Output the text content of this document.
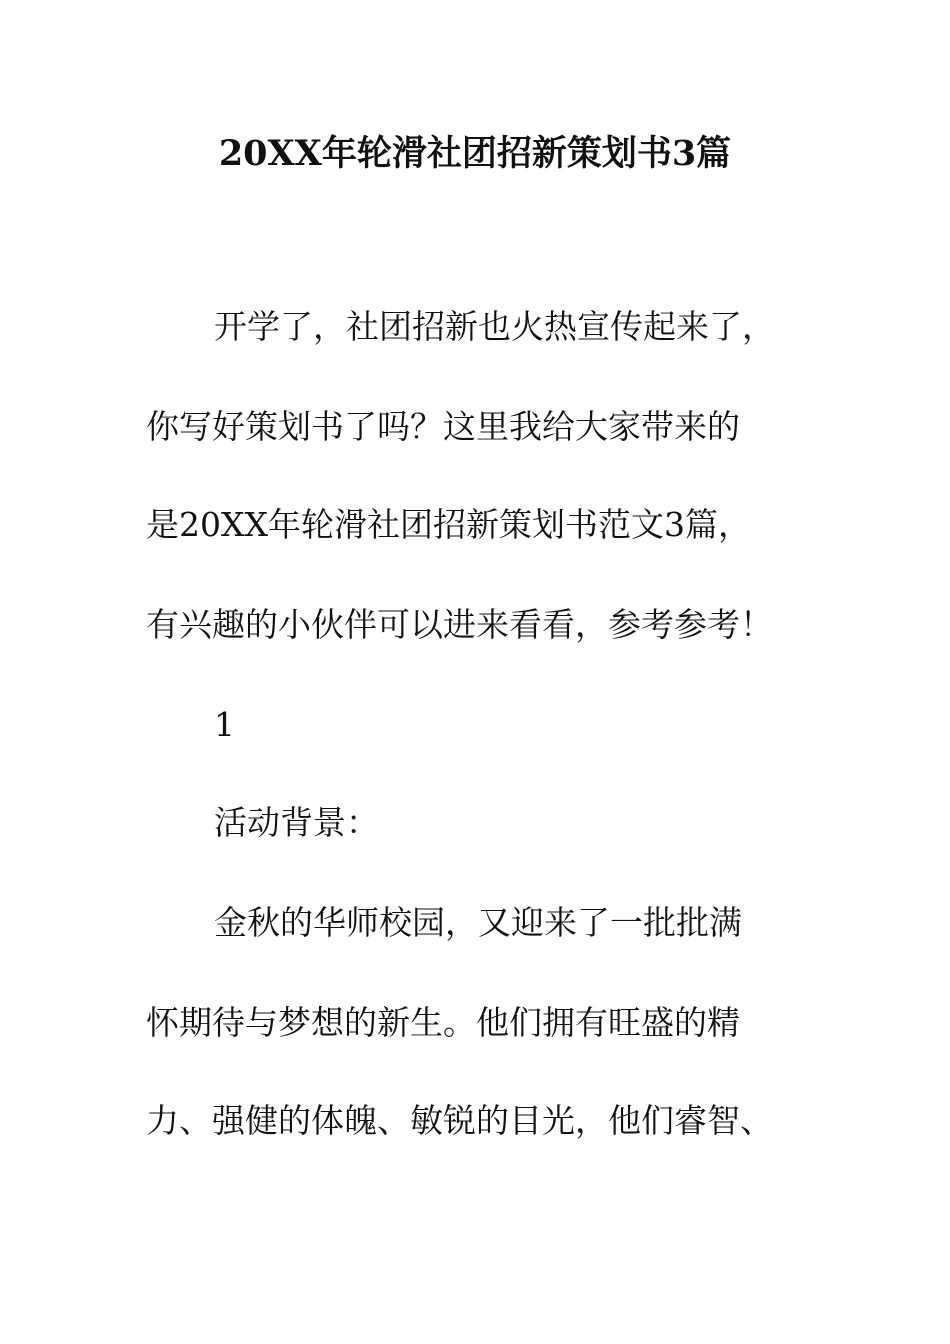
20XX年轮滑社团招新策划书3篇
开学了，社团招新也火热宣传起来了，
你写好策划书了吗？这里我给大家带来的
是20XX年轮滑社团招新策划书范文3篇，
有兴趣的小伙伴可以进来看看，参考参考！
1
活动背景：
金秋的华师校园，又迎来了一批批满
怀期待与梦想的新生。他们拥有旺盛的精
力、强健的体魄、敏锐的目光，他们睿智、
